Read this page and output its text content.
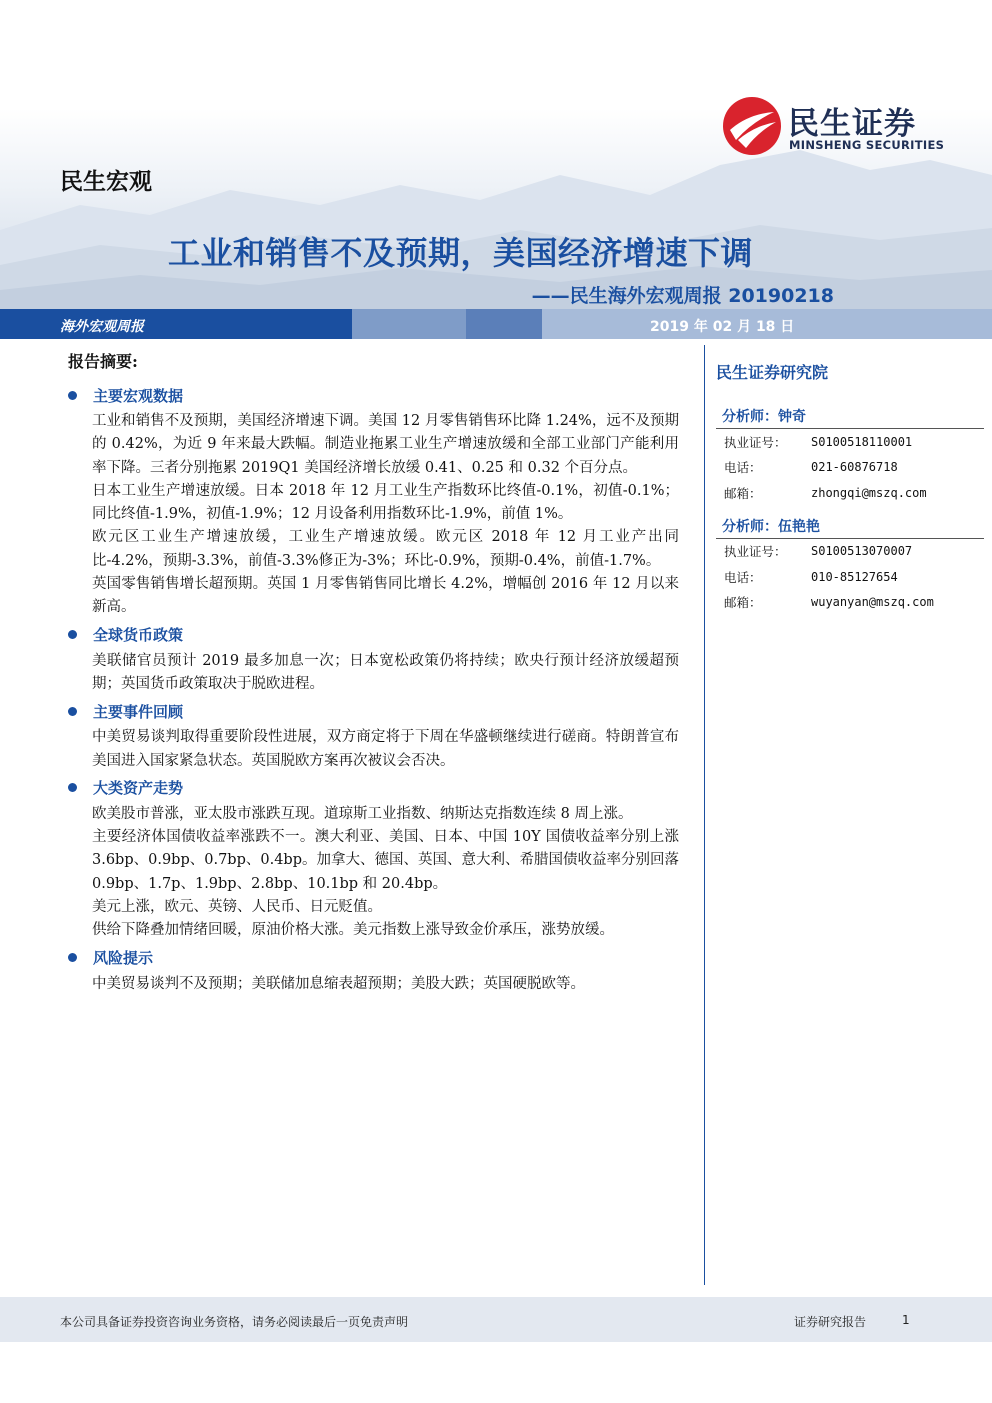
民生证券
MINSHENG SECURITIES
民生宏观
工业和销售不及预期，美国经济增速下调
——民生海外宏观周报 20190218
海外宏观周报	2019 年 02 月 18 日
报告摘要:
主要宏观数据

工业和销售不及预期，美国经济增速下调。美国 12 月零售销售环比降 1.24%，远不及预期的 0.42%，为近 9 年来最大跌幅。制造业拖累工业生产增速放缓和全部工业部门产能利用率下降。三者分别拖累 2019Q1 美国经济增长放缓 0.41、0.25 和 0.32 个百分点。

日本工业生产增速放缓。日本 2018 年 12 月工业生产指数环比终值-0.1%，初值-0.1%；同比终值-1.9%，初值-1.9%；12 月设备利用指数环比-1.9%，前值 1%。

欧元区工业生产增速放缓，工业生产增速放缓。欧元区 2018 年 12 月工业产出同比-4.2%，预期-3.3%，前值-3.3%修正为-3%；环比-0.9%，预期-0.4%，前值-1.7%。

英国零售销售增长超预期。英国 1 月零售销售同比增长 4.2%，增幅创 2016 年 12 月以来新高。

全球货币政策

美联储官员预计 2019 最多加息一次；日本宽松政策仍将持续；欧央行预计经济放缓超预期；英国货币政策取决于脱欧进程。

主要事件回顾

中美贸易谈判取得重要阶段性进展，双方商定将于下周在华盛顿继续进行磋商。特朗普宣布美国进入国家紧急状态。英国脱欧方案再次被议会否决。

大类资产走势

欧美股市普涨，亚太股市涨跌互现。道琼斯工业指数、纳斯达克指数连续 8 周上涨。

主要经济体国债收益率涨跌不一。澳大利亚、美国、日本、中国 10Y 国债收益率分别上涨 3.6bp、0.9bp、0.7bp、0.4bp。加拿大、德国、英国、意大利、希腊国债收益率分别回落 0.9bp、1.7p、1.9bp、2.8bp、10.1bp 和 20.4bp。

美元上涨，欧元、英镑、人民币、日元贬值。

供给下降叠加情绪回暖，原油价格大涨。美元指数上涨导致金价承压，涨势放缓。

风险提示

中美贸易谈判不及预期；美联储加息缩表超预期；美股大跌；英国硬脱欧等。

民生证券研究院
分析师：钟奇
执业证号：	S0100518110001
电话：	021-60876718
邮箱：	zhongqi@mszq.com
分析师：伍艳艳
执业证号：	S0100513070007
电话：	010-85127654
邮箱：	wuyanyan@mszq.com
本公司具备证券投资咨询业务资格，请务必阅读最后一页免责声明	证券研究报告	1
